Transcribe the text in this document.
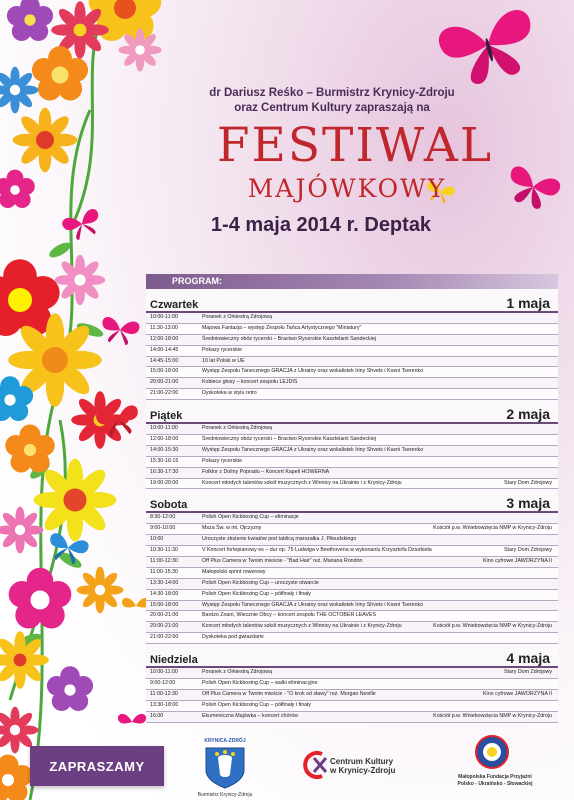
dr Dariusz Reśko – Burmistrz Krynicy-Zdroju
oraz Centrum Kultury zapraszają na
FESTIWAL
MAJÓWKOWY
1-4 maja 2014 r. Deptak
PROGRAM:
Czwartek	1 maja
10:00-11:00	Poranek z Orkiestrą Zdrojową
11:30-13:00	Majowa Fantazja – występ Zespołu Tańca Artystycznego "Miniatury"
12:00-18:00	Średniowieczny obóz rycerski – Bractwo Rycerskie Kasztelanii Sandeckiej
14:00-14:45	Pokazy rycerskie
14:45-15:00	10 lat Polski w UE
15:00-18:00	Występ Zespołu Tanecznego GRACJA z Ukrainy oraz wokalistek Iriny Shvets i Kseni Tserenko
20:00-21:00	Kobiece głosy – koncert zespołu LEJDIS
21:00-22:00	Dyskoteka w stylu retro
Piątek	2 maja
10:00-11:00	Poranek z Orkiestrą Zdrojową
12:00-18:00	Średniowieczny obóz rycerski – Bractwo Rycerskie Kasztelanii Sandeckiej
14:00-15:30	Występ Zespołu Tanecznego GRACJA z Ukrainy oraz wokalistek Iriny Shvets i Kseni Tserenko
15:30-16:15	Pokazy rycerskie
16:30-17:30	Folklor z Doliny Popradu – Koncert Kapeli HOWERNA
19:00-20:00	Koncert młodych talentów szkół muzycznych z Winnicy na Ukrainie i z Krynicy-Zdroju	Stary Dom Zdrojowy
Sobota	3 maja
8:30-12:00	Polish Open Kickboxing Cup – eliminacje
9:00-10:00	Msza Św. w int. Ojczyzny	Kościół p.w. Wniebowzięcia NMP w Krynicy-Zdroju
10:00	Uroczyste złożenie kwiatów pod tablicą marszałka J. Piłsudskiego
10:30-11:30	V Koncert fortepianowy es – dur op. 75 Ludwiga v Beethovena w wykonaniu Krzysztofa Dziurbieła	Stary Dom Zdrojowy
11:00-12:30	Off Plus Camera w Twoim mieście - "Bad Hair" reż. Mariana Rondón	Kino cyfrowe JAWORZYNA II
11:00-15:30	Małopolski sprint rowerowy
13:30-14:00	Polish Open Kickboxing Cup – uroczyste otwarcie
14:30-18:00	Polish Open Kickboxing Cup – półfinały i finały
15:00-18:00	Występ Zespołu Tanecznego GRACJA z Ukrainy oraz wokalistek Iriny Shvets i Kseni Tserenko
20:00-21:00	Bardzo Znani, Wiecznie Obcy – koncert zespołu THE OCTOBER LEAVES
20:00-21:00	Koncert młodych talentów szkół muzycznych z Winnicy na Ukrainie i z Krynicy-Zdroju	Kościół p.w. Wniebowzięcia NMP w Krynicy-Zdroju
21:00-22:00	Dyskoteka pod gwiazdami
Niedziela	4 maja
10:00-11:00	Poranek z Orkiestrą Zdrojową	Stary Dom Zdrojowy
9:00-12:00	Polish Open Kickboxing Cup – walki eliminacyjne
11:00-12:30	Off Plus Camera w Twoim mieście - "O krok od sławy" reż. Morgan Neville	Kino cyfrowe JAWORZYNA II
13:30-18:00	Polish Open Kickboxing Cup – półfinały i finały
16:00	Ekumeniczna Majówka – koncert chórów	Kościół p.w. Wniebowzięcia NMP w Krynicy-Zdroju
ZAPRASZAMY
KRYNICA-ZDRÓJ
Burmistrz Krynicy-Zdroju
Centrum Kultury
w Krynicy-Zdroju
Małopolska Fundacja Przyjaźni
Polsko - Ukraińsko - Słowackiej
